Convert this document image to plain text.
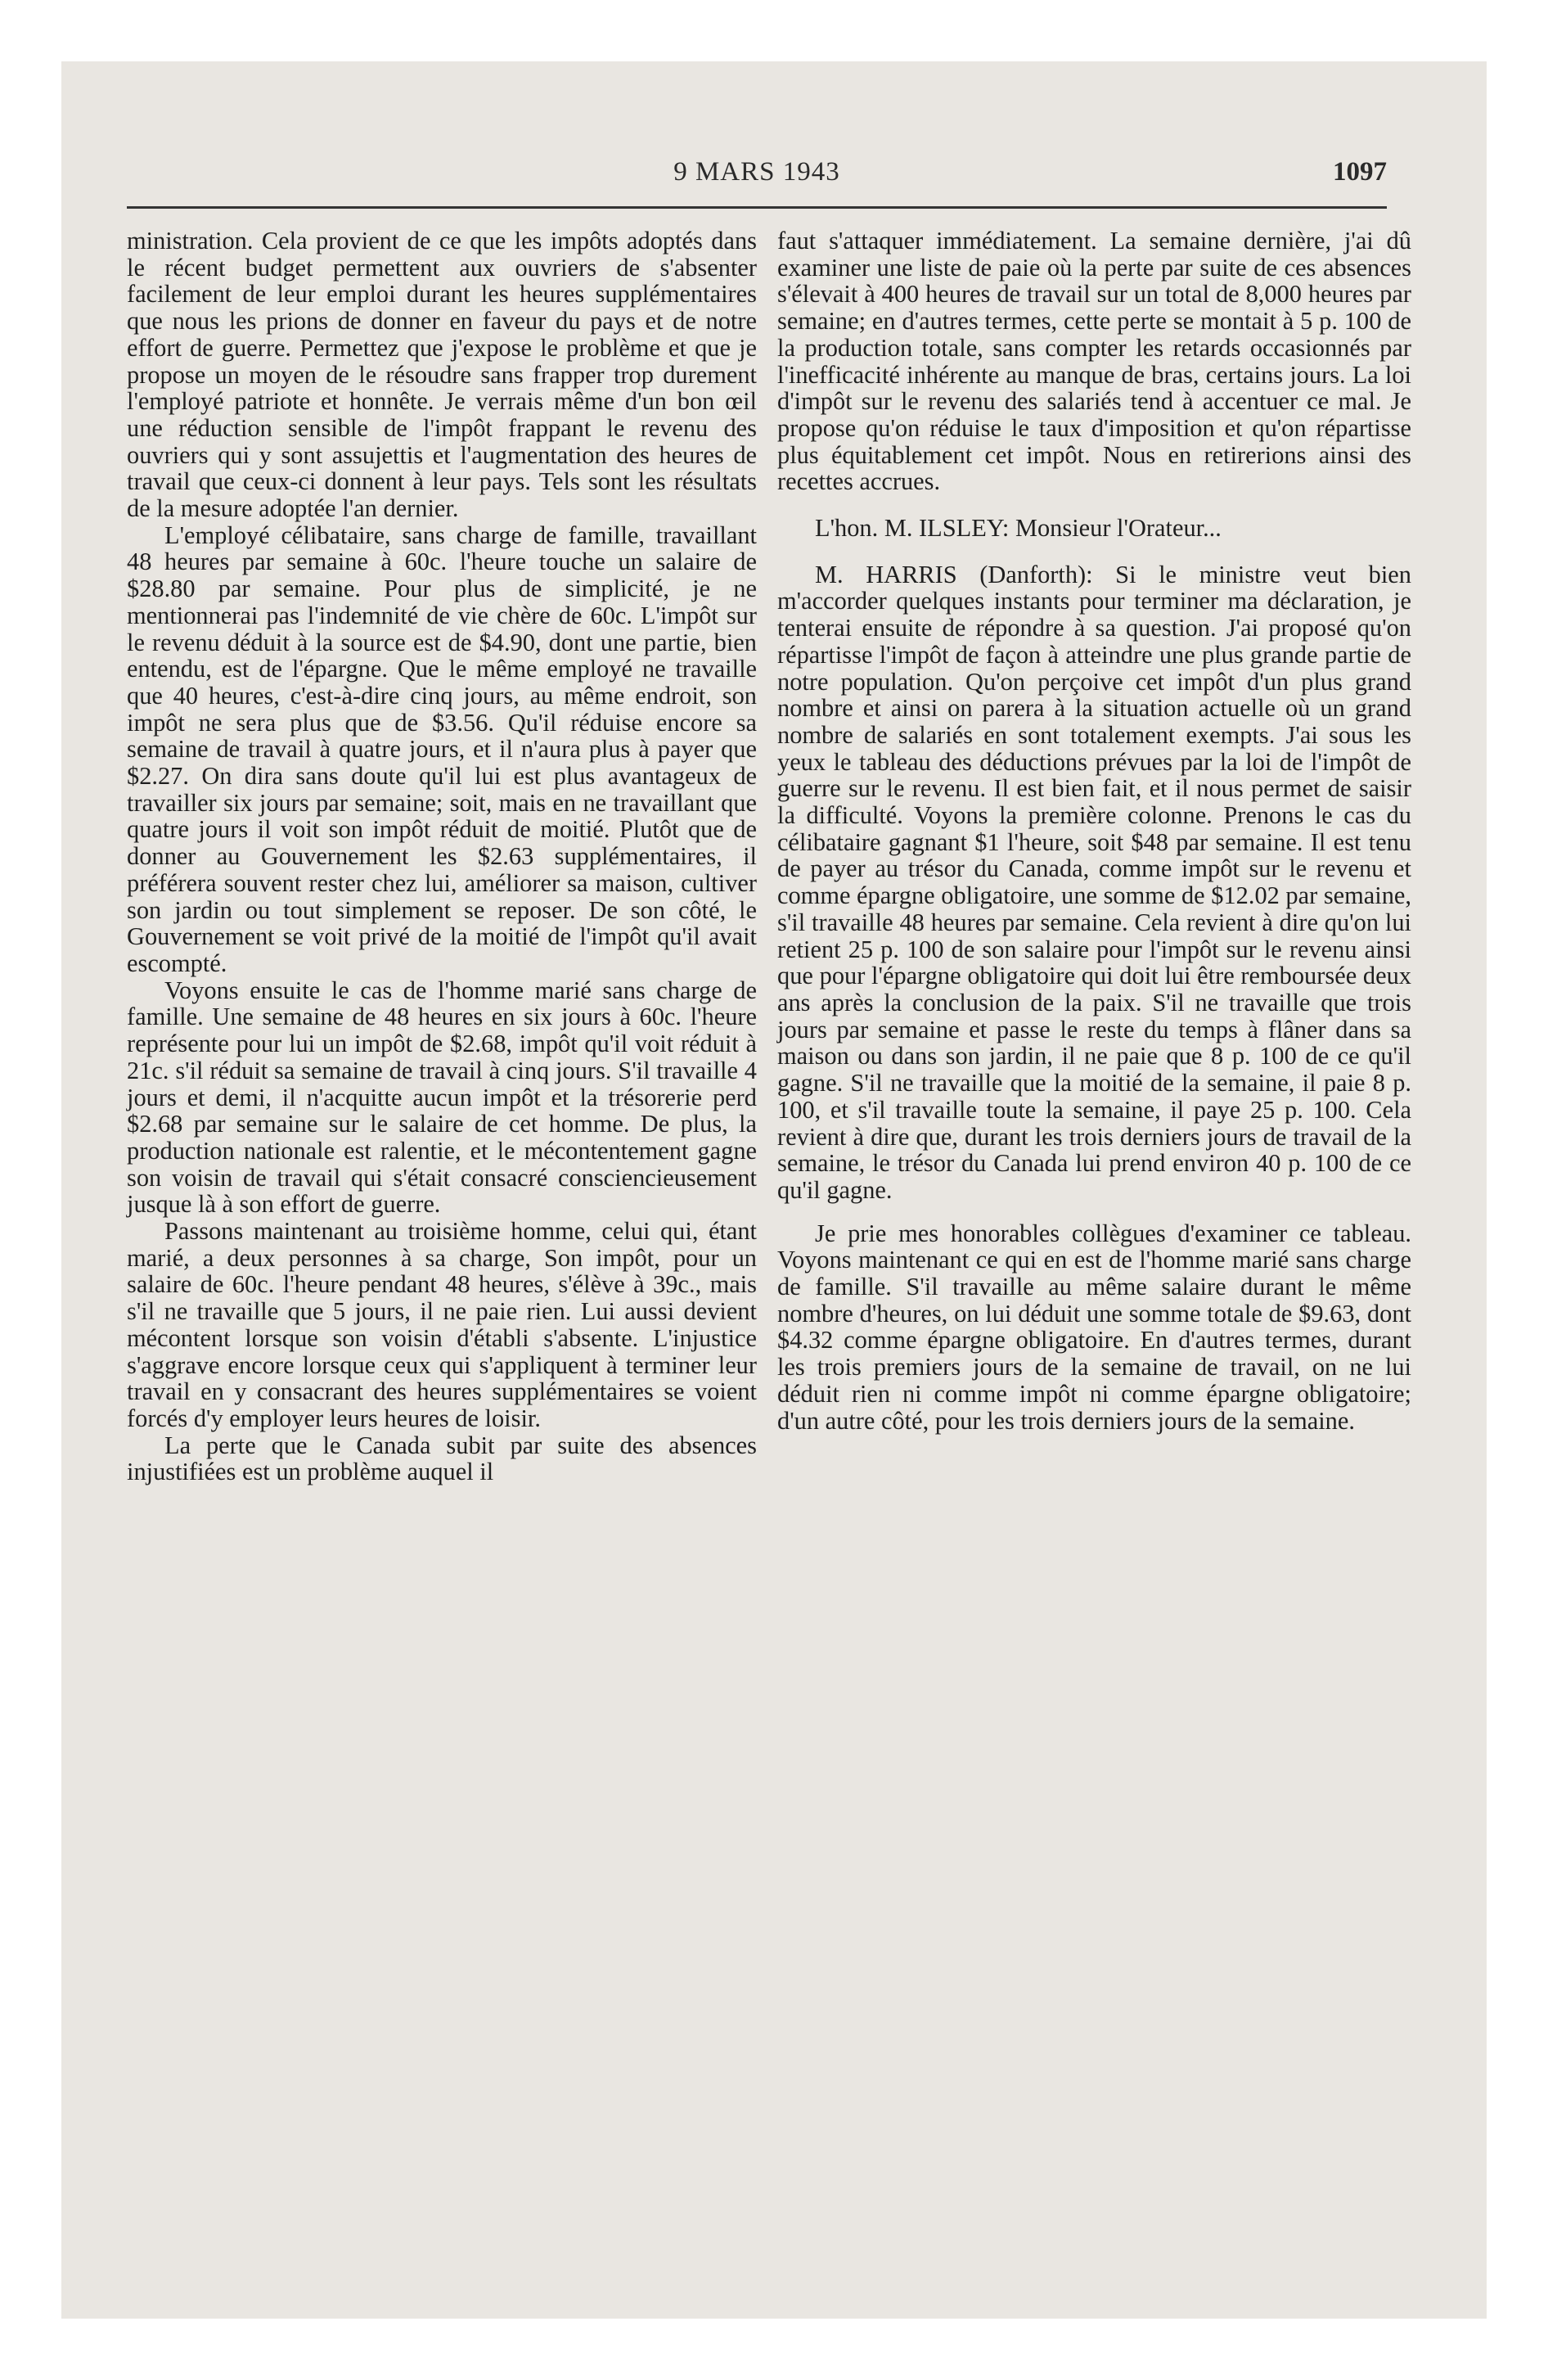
9 MARS 1943	1097

ministration. Cela provient de ce que les impôts adoptés dans le récent budget permettent aux ouvriers de s'absenter facilement de leur emploi durant les heures supplémentaires que nous les prions de donner en faveur du pays et de notre effort de guerre. Permettez que j'expose le problème et que je propose un moyen de le résoudre sans frapper trop durement l'employé patriote et honnête. Je verrais même d'un bon œil une réduction sensible de l'impôt frappant le revenu des ouvriers qui y sont assujettis et l'augmentation des heures de travail que ceux-ci donnent à leur pays. Tels sont les résultats de la mesure adoptée l'an dernier.

L'employé célibataire, sans charge de famille, travaillant 48 heures par semaine à 60c. l'heure touche un salaire de $28.80 par semaine. Pour plus de simplicité, je ne mentionnerai pas l'indemnité de vie chère de 60c. L'impôt sur le revenu déduit à la source est de $4.90, dont une partie, bien entendu, est de l'épargne. Que le même employé ne travaille que 40 heures, c'est-à-dire cinq jours, au même endroit, son impôt ne sera plus que de $3.56. Qu'il réduise encore sa semaine de travail à quatre jours, et il n'aura plus à payer que $2.27. On dira sans doute qu'il lui est plus avantageux de travailler six jours par semaine; soit, mais en ne travaillant que quatre jours il voit son impôt réduit de moitié. Plutôt que de donner au Gouvernement les $2.63 supplémentaires, il préférera souvent rester chez lui, améliorer sa maison, cultiver son jardin ou tout simplement se reposer. De son côté, le Gouvernement se voit privé de la moitié de l'impôt qu'il avait escompté.

Voyons ensuite le cas de l'homme marié sans charge de famille. Une semaine de 48 heures en six jours à 60c. l'heure représente pour lui un impôt de $2.68, impôt qu'il voit réduit à 21c. s'il réduit sa semaine de travail à cinq jours. S'il travaille 4 jours et demi, il n'acquitte aucun impôt et la trésorerie perd $2.68 par semaine sur le salaire de cet homme. De plus, la production nationale est ralentie, et le mécontentement gagne son voisin de travail qui s'était consacré consciencieusement jusque là à son effort de guerre.

Passons maintenant au troisième homme, celui qui, étant marié, a deux personnes à sa charge, Son impôt, pour un salaire de 60c. l'heure pendant 48 heures, s'élève à 39c., mais s'il ne travaille que 5 jours, il ne paie rien. Lui aussi devient mécontent lorsque son voisin d'établi s'absente. L'injustice s'aggrave encore lorsque ceux qui s'appliquent à terminer leur travail en y consacrant des heures supplémentaires se voient forcés d'y employer leurs heures de loisir.

La perte que le Canada subit par suite des absences injustifiées est un problème auquel il

faut s'attaquer immédiatement. La semaine dernière, j'ai dû examiner une liste de paie où la perte par suite de ces absences s'élevait à 400 heures de travail sur un total de 8,000 heures par semaine; en d'autres termes, cette perte se montait à 5 p. 100 de la production totale, sans compter les retards occasionnés par l'inefficacité inhérente au manque de bras, certains jours. La loi d'impôt sur le revenu des salariés tend à accentuer ce mal. Je propose qu'on réduise le taux d'imposition et qu'on répartisse plus équitablement cet impôt. Nous en retirerions ainsi des recettes accrues.

L'hon. M. ILSLEY: Monsieur l'Orateur...

M. HARRIS (Danforth): Si le ministre veut bien m'accorder quelques instants pour terminer ma déclaration, je tenterai ensuite de répondre à sa question. J'ai proposé qu'on répartisse l'impôt de façon à atteindre une plus grande partie de notre population. Qu'on perçoive cet impôt d'un plus grand nombre et ainsi on parera à la situation actuelle où un grand nombre de salariés en sont totalement exempts. J'ai sous les yeux le tableau des déductions prévues par la loi de l'impôt de guerre sur le revenu. Il est bien fait, et il nous permet de saisir la difficulté. Voyons la première colonne. Prenons le cas du célibataire gagnant $1 l'heure, soit $48 par semaine. Il est tenu de payer au trésor du Canada, comme impôt sur le revenu et comme épargne obligatoire, une somme de $12.02 par semaine, s'il travaille 48 heures par semaine. Cela revient à dire qu'on lui retient 25 p. 100 de son salaire pour l'impôt sur le revenu ainsi que pour l'épargne obligatoire qui doit lui être remboursée deux ans après la conclusion de la paix. S'il ne travaille que trois jours par semaine et passe le reste du temps à flâner dans sa maison ou dans son jardin, il ne paie que 8 p. 100 de ce qu'il gagne. S'il ne travaille que la moitié de la semaine, il paie 8 p. 100, et s'il travaille toute la semaine, il paye 25 p. 100. Cela revient à dire que, durant les trois derniers jours de travail de la semaine, le trésor du Canada lui prend environ 40 p. 100 de ce qu'il gagne.

Je prie mes honorables collègues d'examiner ce tableau. Voyons maintenant ce qui en est de l'homme marié sans charge de famille. S'il travaille au même salaire durant le même nombre d'heures, on lui déduit une somme totale de $9.63, dont $4.32 comme épargne obligatoire. En d'autres termes, durant les trois premiers jours de la semaine de travail, on ne lui déduit rien ni comme impôt ni comme épargne obligatoire; d'un autre côté, pour les trois derniers jours de la semaine.
